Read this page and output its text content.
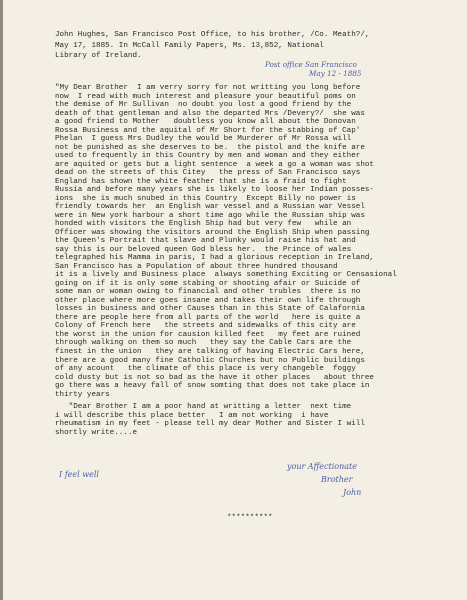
John Hughes, San Francisco Post Office, to his brother, /Co. Meath?/,
May 17, 1885. In McCall Family Papers, Ms. 13,852, National
Library of Ireland.
Post office San Francisco
May 12 - 1885
"My Dear Brother  I am verry sorry for not writting you long before
now  I read with much interest and pleasure your beautiful poms on
the demise of Mr Sullivan  no doubt you lost a good friend by the
death of that gentleman and also the departed Mrs /Devery?/  she was
a good friend to Mother   doubtless you know all about the Donovan
Rossa Business and the aquital of Mr Short for the stabbing of Cap'
Phelan  I guess Mrs Dudley the would be Murderer of Mr Rossa will
not be punished as she deserves to be.  the pistol and the knife are
used to frequently in this Country by men and woman and they either
are aquited or gets but a light sentence  a week a go a woman was shot
dead on the streets of this Citey   the press of San Francisco says
England has shown the white feather that she is a fraid to fight
Russia and before many years she is likely to loose her Indian posses-
ions  she is much snubed in this Country  Except Billy no power is
friendly towards her  an English war vessel and a Russian war Vessel
were in New york harbour a short time ago while the Russian ship was
honded with visitors the English Ship had but very few   while an
Officer was showing the visitors around the English Ship when passing
the Queen's Portrait that slave and Plunky would raise his hat and
say this is our beloved queen God bless her.  the Prince of wales
telegraphed his Mamma in paris, I had a glorious reception in Ireland,
San Francisco has a Population of about three hundred thousand
it is a lively and Business place  always something Exciting or Censasional
going on if it is only some stabing or shooting afair or Suicide of
some man or woman owing to financial and other trubles  there is no
other place where more goes insane and takes their own life through
losses in business and other Causes than in this State of Calafornia
there are people here from all parts of the world   here is quite a
Colony of French here   the streets and sidewalks of this city are
the worst in the union for causion killed feet   my feet are ruined
through walking on them so much   they say the Cable Cars are the
finest in the union   they are talking of having Electric Cars here,
there are a good many fine Catholic Churches but no Public buildings
of any acount   the climate of this place is very changeble  foggy
cold dusty but is not so bad as the have it other places   about three
go there was a heavy fall of snow somting that does not take place in
thirty years
"Dear Brother I am a poor hand at writting a letter  next time
i will describe this place better   I am not working  i have
rheumatism in my feet - please tell my dear Mother and Sister I will
shortly write....e
I feel well
your Affectionate
Brother
John
**********
